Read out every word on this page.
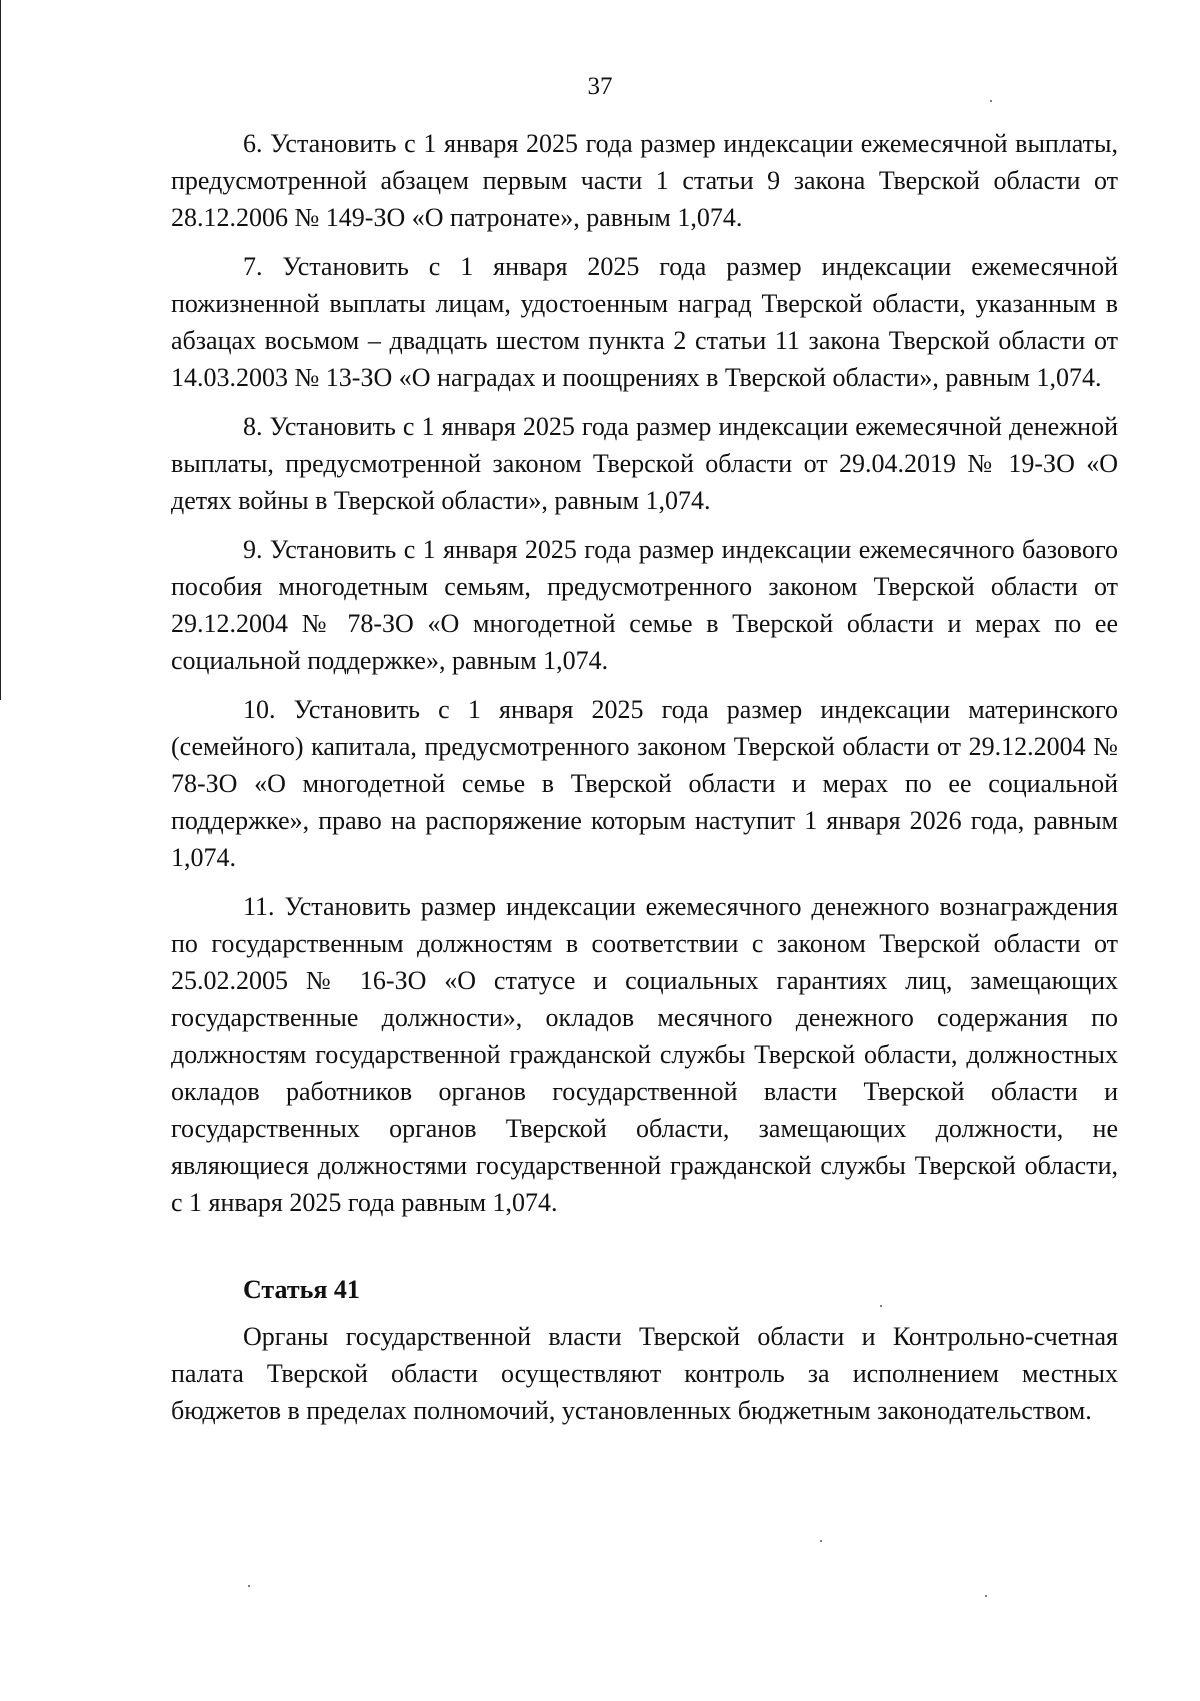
37

6. Установить с 1 января 2025 года размер индексации ежемесячной выплаты, предусмотренной абзацем первым части 1 статьи 9 закона Тверской области от 28.12.2006 № 149-ЗО «О патронате», равным 1,074.

7. Установить с 1 января 2025 года размер индексации ежемесячной пожизненной выплаты лицам, удостоенным наград Тверской области, указанным в абзацах восьмом – двадцать шестом пункта 2 статьи 11 закона Тверской области от 14.03.2003 № 13-ЗО «О наградах и поощрениях в Тверской области», равным 1,074.

8. Установить с 1 января 2025 года размер индексации ежемесячной денежной выплаты, предусмотренной законом Тверской области от 29.04.2019 № 19-ЗО «О детях войны в Тверской области», равным 1,074.

9. Установить с 1 января 2025 года размер индексации ежемесячного базового пособия многодетным семьям, предусмотренного законом Тверской области от 29.12.2004 № 78-ЗО «О многодетной семье в Тверской области и мерах по ее социальной поддержке», равным 1,074.

10. Установить с 1 января 2025 года размер индексации материнского (семейного) капитала, предусмотренного законом Тверской области от 29.12.2004 № 78-ЗО «О многодетной семье в Тверской области и мерах по ее социальной поддержке», право на распоряжение которым наступит 1 января 2026 года, равным 1,074.

11. Установить размер индексации ежемесячного денежного вознаграждения по государственным должностям в соответствии с законом Тверской области от 25.02.2005 № 16-ЗО «О статусе и социальных гарантиях лиц, замещающих государственные должности», окладов месячного денежного содержания по должностям государственной гражданской службы Тверской области, должностных окладов работников органов государственной власти Тверской области и государственных органов Тверской области, замещающих должности, не являющиеся должностями государственной гражданской службы Тверской области, с 1 января 2025 года равным 1,074.

Статья 41

Органы государственной власти Тверской области и Контрольно-счетная палата Тверской области осуществляют контроль за исполнением местных бюджетов в пределах полномочий, установленных бюджетным законодательством.
